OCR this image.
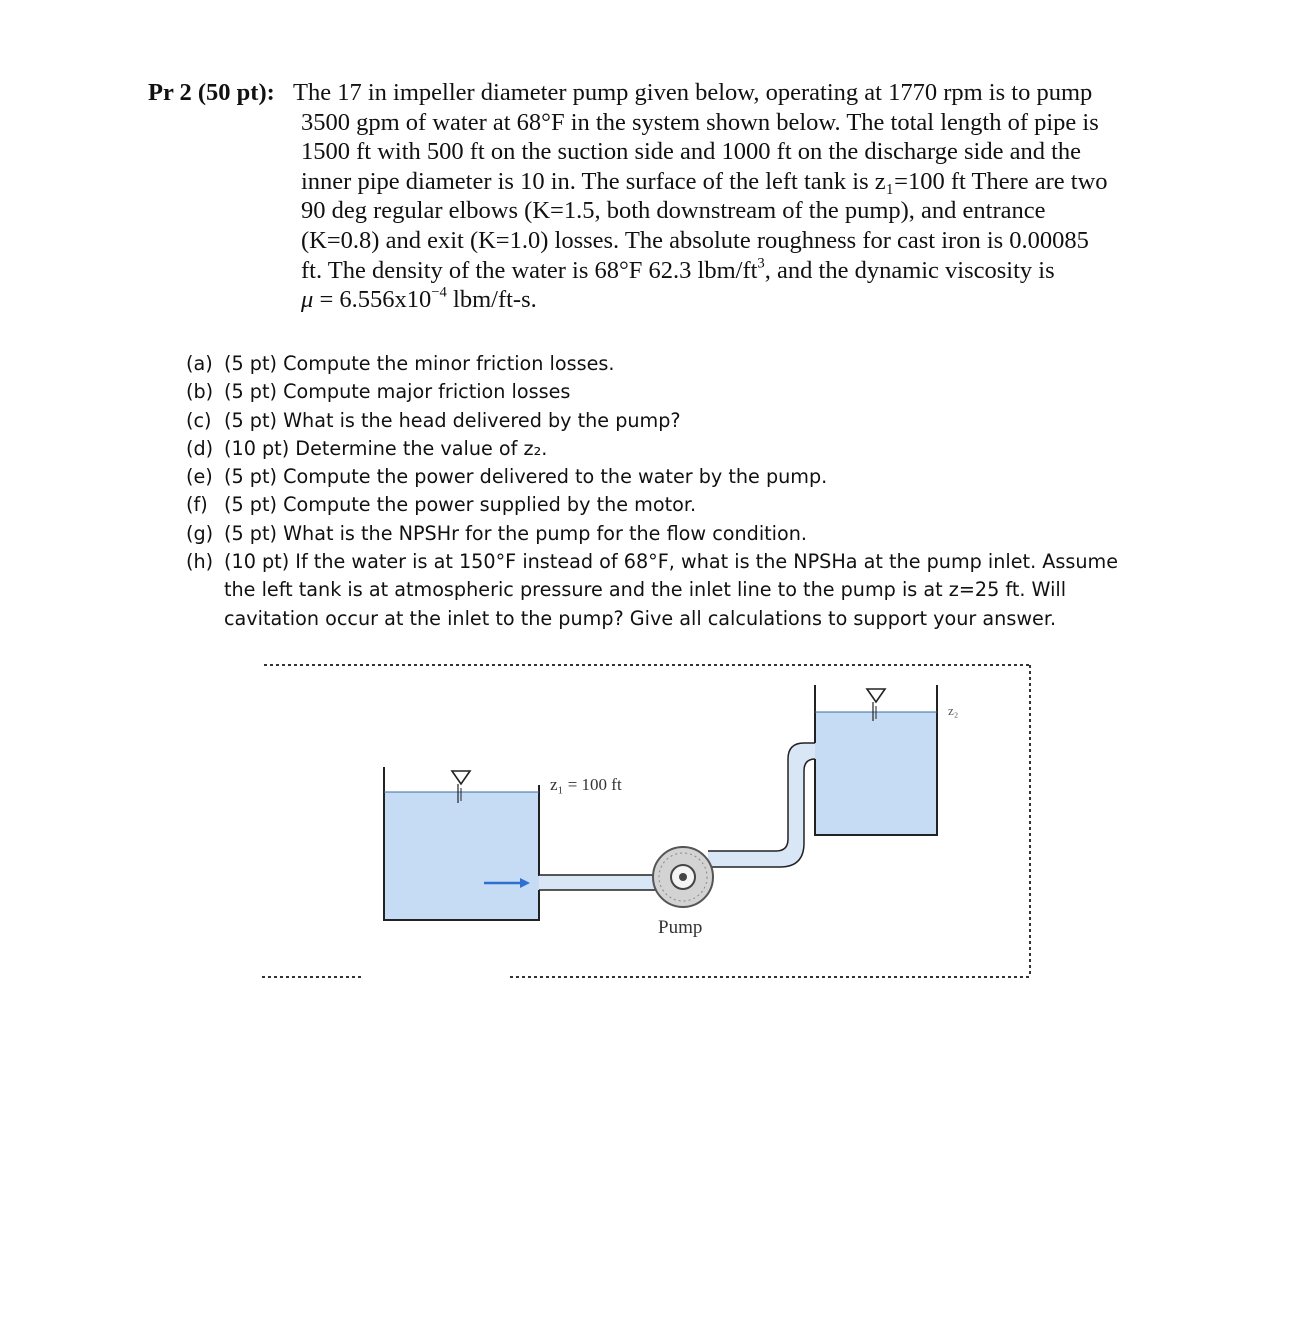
Pr 2 (50 pt): The 17 in impeller diameter pump given below, operating at 1770 rpm is to pump
3500 gpm of water at 68°F in the system shown below. The total length of pipe is
1500 ft with 500 ft on the suction side and 1000 ft on the discharge side and the
inner pipe diameter is 10 in. The surface of the left tank is z₁=100 ft There are two
90 deg regular elbows (K=1.5, both downstream of the pump), and entrance
(K=0.8) and exit (K=1.0) losses. The absolute roughness for cast iron is 0.00085
ft. The density of the water is 68°F 62.3 lbm/$ft^3$, and the dynamic viscosity is
$\mu = 6.556x10^{-4}$ lbm/ft-s.
(a) (5 pt) Compute the minor friction losses.
(b) (5 pt) Compute major friction losses
(c) (5 pt) What is the head delivered by the pump?
(d) (10 pt) Determine the value of z₂.
(e) (5 pt) Compute the power delivered to the water by the pump.
(f) (5 pt) Compute the power supplied by the motor.
(g) (5 pt) What is the NPSHr for the pump for the flow condition.
(h) (10 pt) If the water is at 150°F instead of 68°F, what is the NPSHa at the pump inlet. Assume the left tank is at atmospheric pressure and the inlet line to the pump is at z=25 ft. Will cavitation occur at the inlet to the pump? Give all calculations to support your answer.
z₁ = 100 ft
z₂
Pump
